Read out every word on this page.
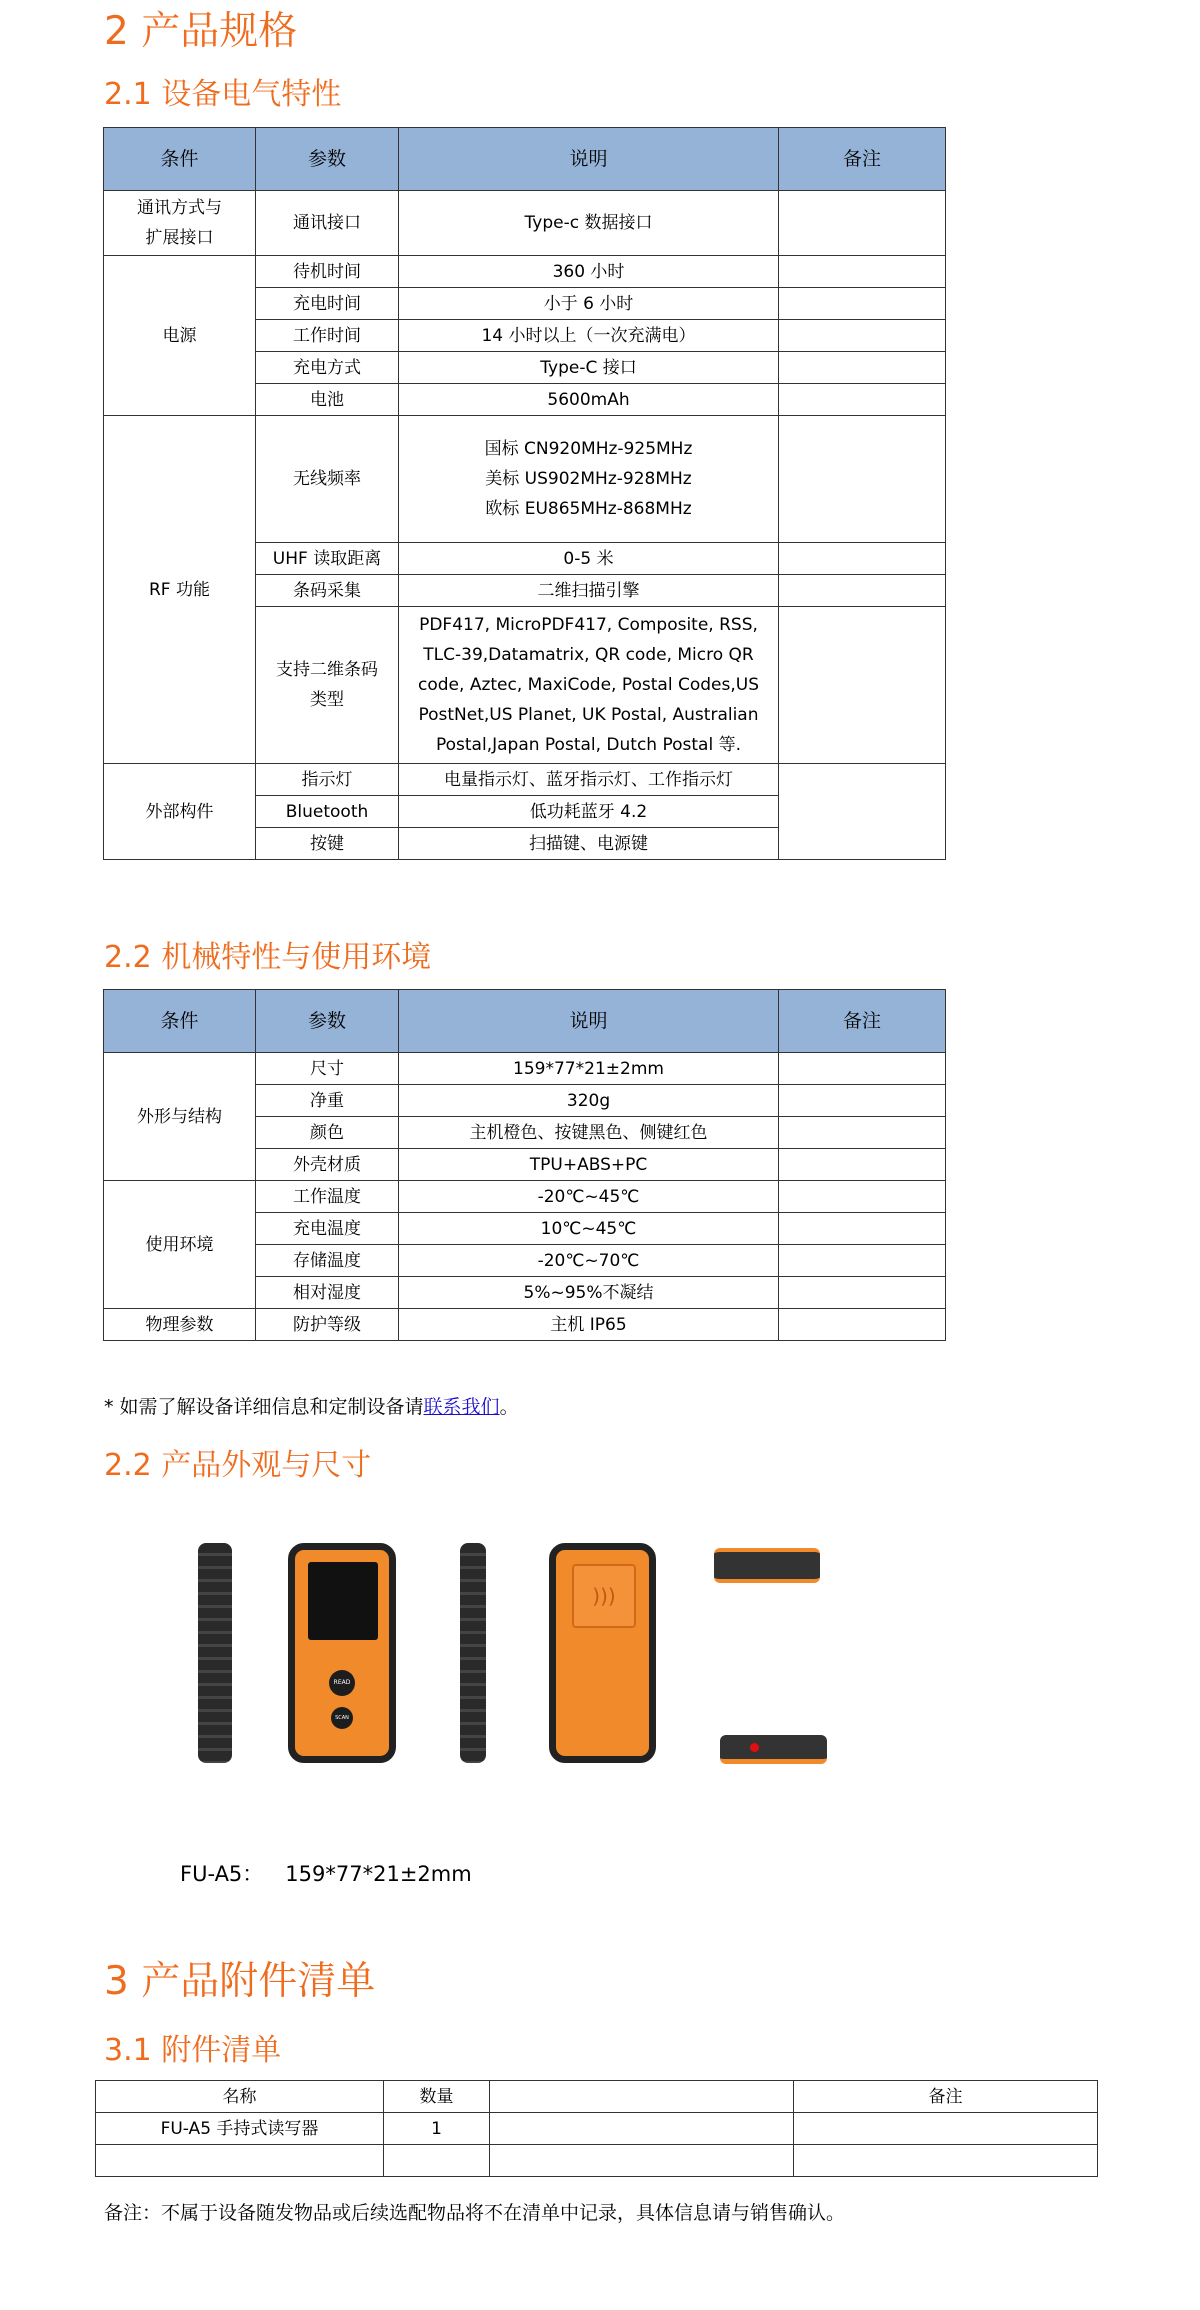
2 产品规格
2.1 设备电气特性
条件	参数	说明	备注
通讯方式与
扩展接口	通讯接口	Type-c 数据接口	
电源	待机时间	360 小时	
	充电时间	小于 6 小时	
	工作时间	14 小时以上（一次充满电）	
	充电方式	Type-C 接口	
	电池	5600mAh	
RF 功能	无线频率	国标 CN920MHz-925MHz
美标 US902MHz-928MHz
欧标 EU865MHz-868MHz	
	UHF 读取距离	0-5 米	
	条码采集	二维扫描引擎	
	支持二维条码
类型	PDF417, MicroPDF417, Composite, RSS, TLC-39,Datamatrix, QR code, Micro QR code, Aztec, MaxiCode, Postal Codes,US PostNet,US Planet, UK Postal, Australian Postal,Japan Postal, Dutch Postal 等.	
外部构件	指示灯	电量指示灯、蓝牙指示灯、工作指示灯	
	Bluetooth	低功耗蓝牙 4.2	
	按键	扫描键、电源键	
2.2 机械特性与使用环境
条件	参数	说明	备注
外形与结构	尺寸	159*77*21±2mm	
	净重	320g	
	颜色	主机橙色、按键黑色、侧键红色	
	外壳材质	TPU+ABS+PC	
使用环境	工作温度	-20℃~45℃	
	充电温度	10℃~45℃	
	存储温度	-20℃~70℃	
	相对湿度	5%~95%不凝结	
物理参数	防护等级	主机 IP65	
* 如需了解设备详细信息和定制设备请联系我们。
2.2 产品外观与尺寸
READ
SCAN
)))
FU-A5： 159*77*21±2mm
3 产品附件清单
3.1 附件清单
名称	数量		备注
FU-A5 手持式读写器	1		

备注：不属于设备随发物品或后续选配物品将不在清单中记录，具体信息请与销售确认。
